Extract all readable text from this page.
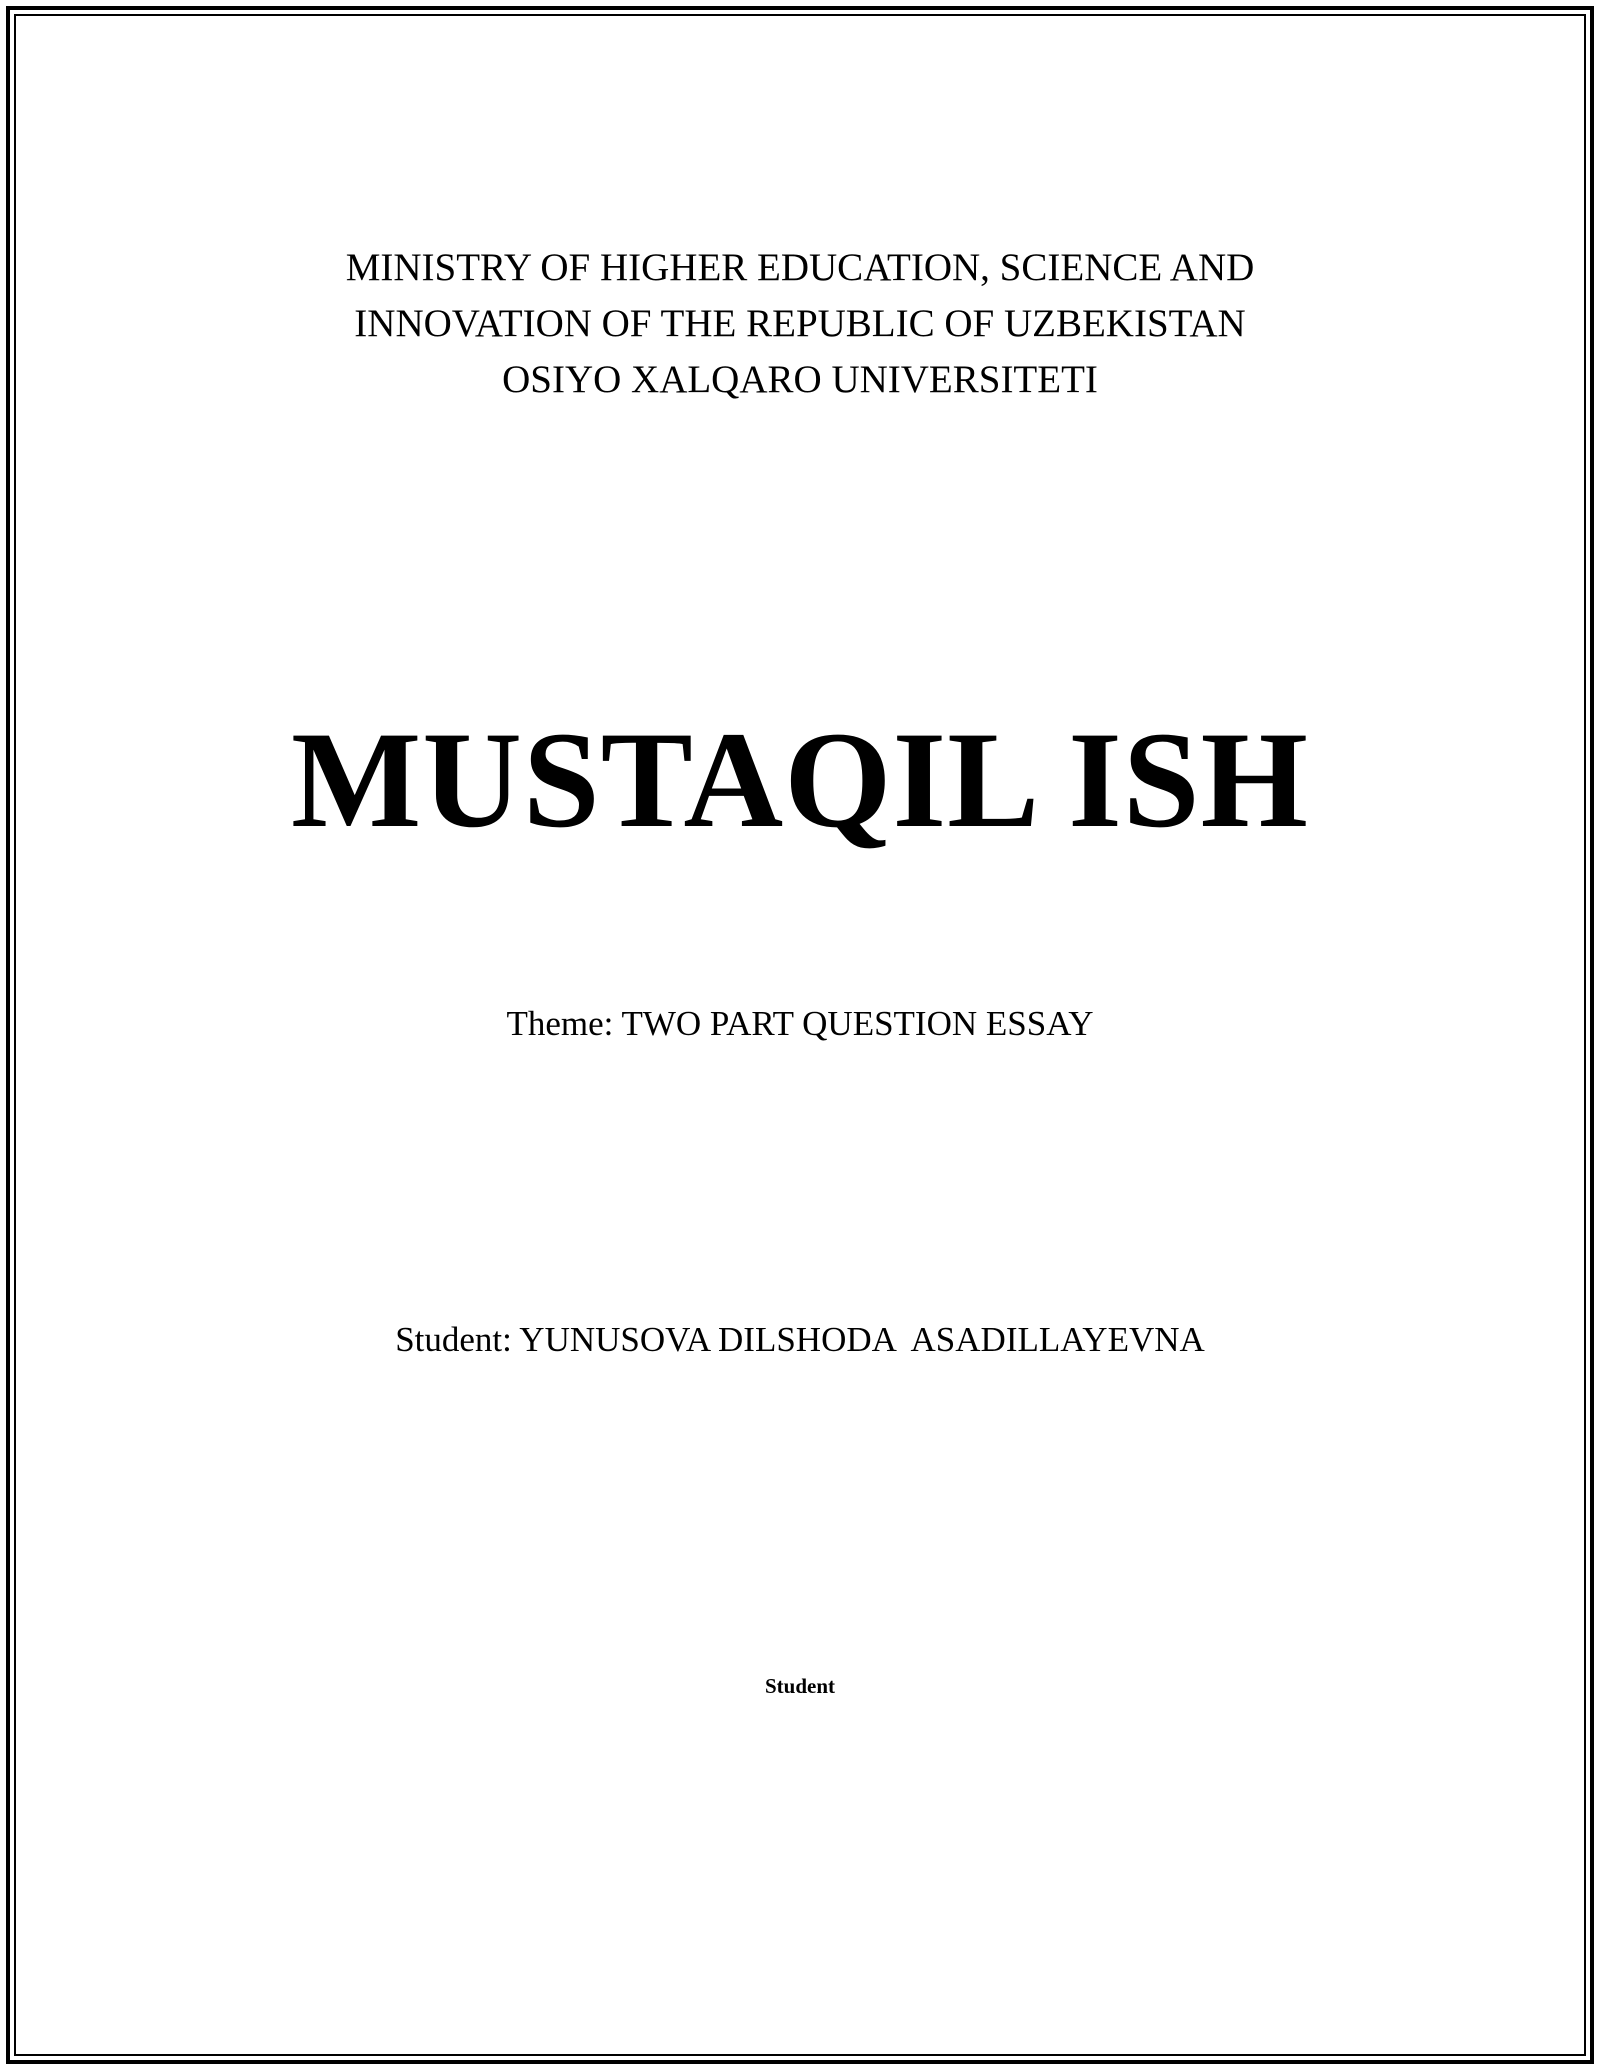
MINISTRY OF HIGHER EDUCATION, SCIENCE AND
INNOVATION OF THE REPUBLIC OF UZBEKISTAN
OSIYO XALQARO UNIVERSITETI
MUSTAQIL ISH
Theme: TWO PART QUESTION ESSAY
Student: YUNUSOVA DILSHODA  ASADILLAYEVNA
Student
